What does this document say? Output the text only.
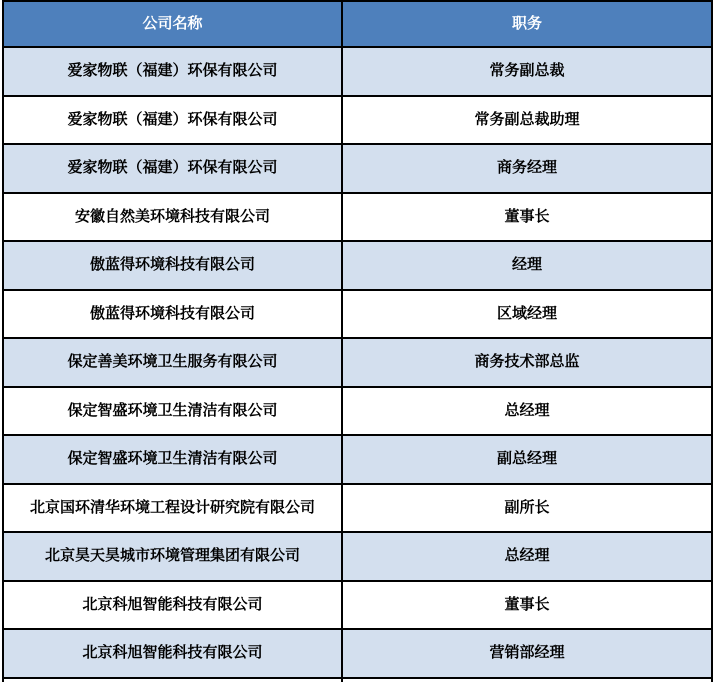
公司名称	职务
爱家物联（福建）环保有限公司	常务副总裁
爱家物联（福建）环保有限公司	常务副总裁助理
爱家物联（福建）环保有限公司	商务经理
安徽自然美环境科技有限公司	董事长
傲蓝得环境科技有限公司	经理
傲蓝得环境科技有限公司	区域经理
保定善美环境卫生服务有限公司	商务技术部总监
保定智盛环境卫生清洁有限公司	总经理
保定智盛环境卫生清洁有限公司	副总经理
北京国环清华环境工程设计研究院有限公司	副所长
北京昊天昊城市环境管理集团有限公司	总经理
北京科旭智能科技有限公司	董事长
北京科旭智能科技有限公司	营销部经理
